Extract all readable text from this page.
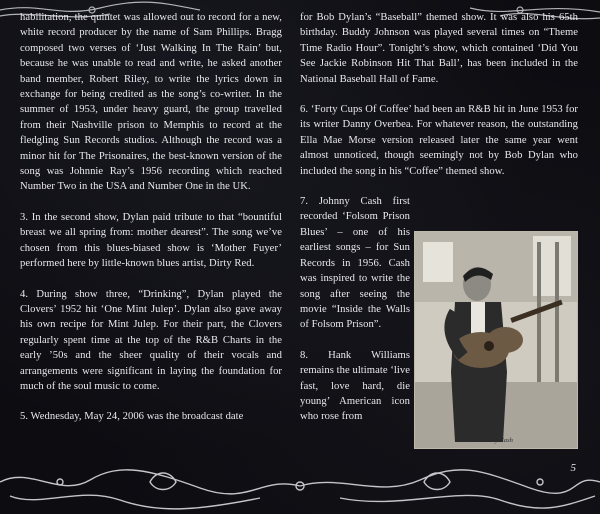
habilitation, the quintet was allowed out to record for a new, white record producer by the name of Sam Phillips. Bragg composed two verses of ‘Just Walking In The Rain’ but, because he was unable to read and write, he asked another band member, Robert Riley, to write the lyrics down in exchange for being credited as the song’s co-writer. In the summer of 1953, under heavy guard, the group travelled from their Nashville prison to Memphis to record at the fledgling Sun Records studios. Although the record was a minor hit for The Prisonaires, the best-known version of the song was Johnnie Ray’s 1956 recording which reached Number Two in the USA and Number One in the UK.

3. In the second show, Dylan paid tribute to that “bountiful breast we all spring from: mother dearest”. The song we’ve chosen from this blues-biased show is ‘Mother Fuyer’ performed here by little-known blues artist, Dirty Red.

4. During show three, “Drinking”, Dylan played the Clovers’ 1952 hit ‘One Mint Julep’. Dylan also gave away his own recipe for Mint Julep. For their part, the Clovers regularly spent time at the top of the R&B Charts in the early ’50s and the sheer quality of their vocals and arrangements were significant in laying the foundation for much of the soul music to come.

5. Wednesday, May 24, 2006 was the broadcast date

for Bob Dylan’s “Baseball” themed show. It was also his 65th birthday. Buddy Johnson was played several times on “Theme Time Radio Hour”. Tonight’s show, which contained ‘Did You See Jackie Robinson Hit That Ball’, has been included in the National Baseball Hall of Fame.

6. ‘Forty Cups Of Coffee’ had been an R&B hit in June 1953 for its writer Danny Overbea. For whatever reason, the outstanding Ella Mae Morse version released later the same year went almost unnoticed, though seemingly not by Bob Dylan who included the song in his “Coffee” themed show.

7. Johnny Cash first recorded ‘Folsom Prison Blues’ – one of his earliest songs – for Sun Records in 1956. Cash was inspired to write the song after seeing the movie “Inside the Walls of Folsom Prison”.

8. Hank Williams remains the ultimate ‘live fast, love hard, die young’ American icon who rose from

Johnny Cash
5
